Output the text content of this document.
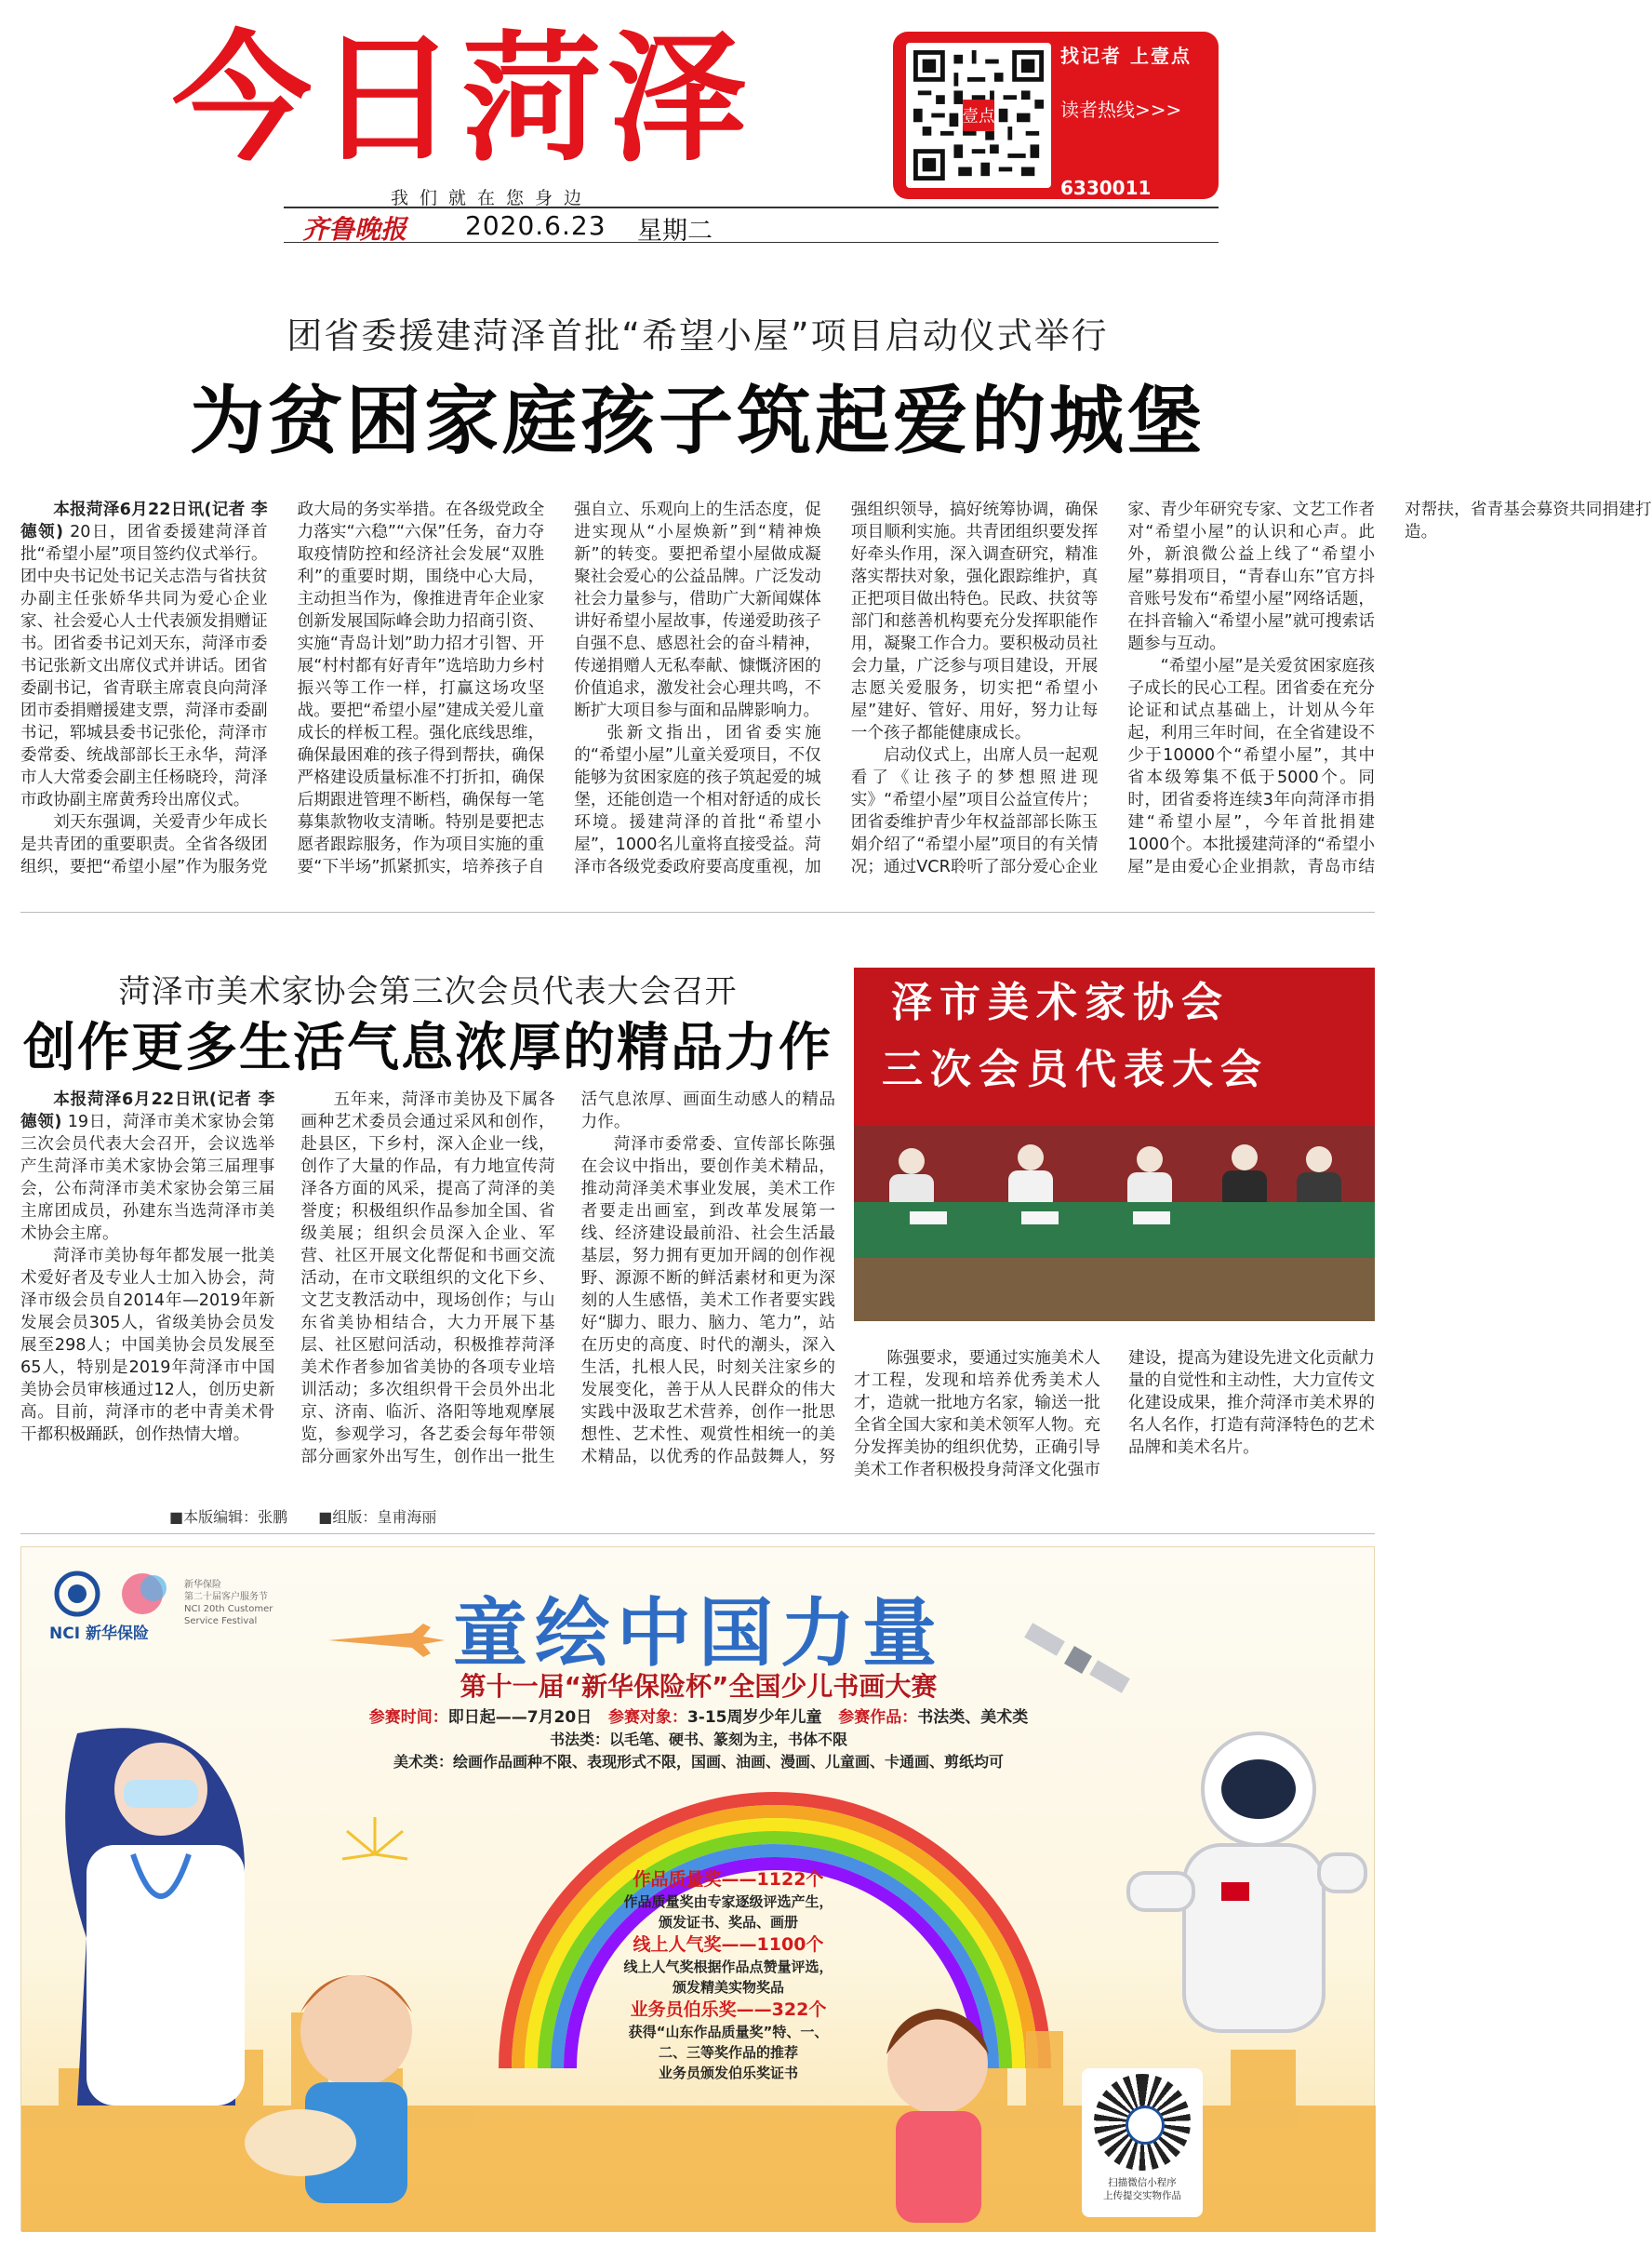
今日菏泽	壹点
找记者 上壹点
读者热线>>>
6330011
我们就在您身边
齐鲁晚报 2020.6.23 星期二
团省委援建菏泽首批“希望小屋”项目启动仪式举行
为贫困家庭孩子筑起爱的城堡

本报菏泽6月22日讯(记者 李德领) 20日，团省委援建菏泽首批“希望小屋”项目签约仪式举行。团中央书记处书记关志浩与省扶贫办副主任张娇华共同为爱心企业家、社会爱心人士代表颁发捐赠证书。团省委书记刘天东，菏泽市委书记张新文出席仪式并讲话。团省委副书记，省青联主席袁良向菏泽团市委捐赠援建支票，菏泽市委副书记，郓城县委书记张伦，菏泽市委常委、统战部部长王永华，菏泽市人大常委会副主任杨晓玲，菏泽市政协副主席黄秀玲出席仪式。

刘天东强调，关爱青少年成长是共青团的重要职责。全省各级团组织，要把“希望小屋”作为服务党政大局的务实举措。在各级党政全力落实“六稳”“六保”任务，奋力夺取疫情防控和经济社会发展“双胜利”的重要时期，围绕中心大局，主动担当作为，像推进青年企业家创新发展国际峰会助力招商引资、实施“青岛计划”助力招才引智、开展“村村都有好青年”选培助力乡村振兴等工作一样，打赢这场攻坚战。要把“希望小屋”建成关爱儿童成长的样板工程。强化底线思维，确保最困难的孩子得到帮扶，确保严格建设质量标准不打折扣，确保后期跟进管理不断档，确保每一笔募集款物收支清晰。特别是要把志愿者跟踪服务，作为项目实施的重要“下半场”抓紧抓实，培养孩子自强自立、乐观向上的生活态度，促进实现从“小屋焕新”到“精神焕新”的转变。要把希望小屋做成凝聚社会爱心的公益品牌。广泛发动社会力量参与，借助广大新闻媒体讲好希望小屋故事，传递爱助孩子自强不息、感恩社会的奋斗精神，传递捐赠人无私奉献、慷慨济困的价值追求，激发社会心理共鸣，不断扩大项目参与面和品牌影响力。

张新文指出，团省委实施的“希望小屋”儿童关爱项目，不仅能够为贫困家庭的孩子筑起爱的城堡，还能创造一个相对舒适的成长环境。援建菏泽的首批“希望小屋”，1000名儿童将直接受益。菏泽市各级党委政府要高度重视，加强组织领导，搞好统筹协调，确保项目顺利实施。共青团组织要发挥好牵头作用，深入调查研究，精准落实帮扶对象，强化跟踪维护，真正把项目做出特色。民政、扶贫等部门和慈善机构要充分发挥职能作用，凝聚工作合力。要积极动员社会力量，广泛参与项目建设，开展志愿关爱服务，切实把“希望小屋”建好、管好、用好，努力让每一个孩子都能健康成长。

启动仪式上，出席人员一起观看了《让孩子的梦想照进现实》“希望小屋”项目公益宣传片；团省委维护青少年权益部部长陈玉娟介绍了“希望小屋”项目的有关情况；通过VCR聆听了部分爱心企业家、青少年研究专家、文艺工作者对“希望小屋”的认识和心声。此外，新浪微公益上线了“希望小屋”募捐项目，“青春山东”官方抖音账号发布“希望小屋”网络话题，在抖音输入“希望小屋”就可搜索话题参与互动。

“希望小屋”是关爱贫困家庭孩子成长的民心工程。团省委在充分论证和试点基础上，计划从今年起，利用三年时间，在全省建设不少于10000个“希望小屋”，其中省本级筹集不低于5000个。同时，团省委将连续3年向菏泽市捐建“希望小屋”，今年首批捐建1000个。本批援建菏泽的“希望小屋”是由爱心企业捐款，青岛市结对帮扶，省青基会募资共同捐建打造。

菏泽市美术家协会第三次会员代表大会召开
创作更多生活气息浓厚的精品力作

本报菏泽6月22日讯(记者 李德领) 19日，菏泽市美术家协会第三次会员代表大会召开，会议选举产生菏泽市美术家协会第三届理事会，公布菏泽市美术家协会第三届主席团成员，孙建东当选菏泽市美术协会主席。

菏泽市美协每年都发展一批美术爱好者及专业人士加入协会，菏泽市级会员自2014年—2019年新发展会员305人，省级美协会员发展至298人；中国美协会员发展至65人，特别是2019年菏泽市中国美协会员审核通过12人，创历史新高。目前，菏泽市的老中青美术骨干都积极踊跃，创作热情大增。

五年来，菏泽市美协及下属各画种艺术委员会通过采风和创作，赴县区，下乡村，深入企业一线，创作了大量的作品，有力地宣传菏泽各方面的风采，提高了菏泽的美誉度；积极组织作品参加全国、省级美展；组织会员深入企业、军营、社区开展文化帮促和书画交流活动，在市文联组织的文化下乡、文艺支教活动中，现场创作；与山东省美协相结合，大力开展下基层、社区慰问活动，积极推荐菏泽美术作者参加省美协的各项专业培训活动；多次组织骨干会员外出北京、济南、临沂、洛阳等地观摩展览，参观学习，各艺委会每年带领部分画家外出写生，创作出一批生活气息浓厚、画面生动感人的精品力作。

菏泽市委常委、宣传部长陈强在会议中指出，要创作美术精品，推动菏泽美术事业发展，美术工作者要走出画室，到改革发展第一线、经济建设最前沿、社会生活最基层，努力拥有更加开阔的创作视野、源源不断的鲜活素材和更为深刻的人生感悟，美术工作者要实践好“脚力、眼力、脑力、笔力”，站在历史的高度、时代的潮头，深入生活，扎根人民，时刻关注家乡的发展变化，善于从人民群众的伟大实践中汲取艺术营养，创作一批思想性、艺术性、观赏性相统一的美术精品，以优秀的作品鼓舞人，努

泽市美术家协会
三次会员代表大会

陈强要求，要通过实施美术人才工程，发现和培养优秀美术人才，造就一批地方名家，输送一批全省全国大家和美术领军人物。充分发挥美协的组织优势，正确引导美术工作者积极投身菏泽文化强市建设，提高为建设先进文化贡献力量的自觉性和主动性，大力宣传文化建设成果，推介菏泽市美术界的名人名作，打造有菏泽特色的艺术品牌和美术名片。

■本版编辑：张鹏 ■组版：皇甫海丽
NCI 新华保险
新华保险
第二十届客户服务节
NCI 20th Customer Service Festival	童绘中国力量
第十一届“新华保险杯”全国少儿书画大赛
参赛时间：即日起——7月20日 参赛对象：3-15周岁少年儿童 参赛作品：书法类、美术类
书法类：以毛笔、硬书、篆刻为主，书体不限
美术类：绘画作品画种不限、表现形式不限，国画、油画、漫画、儿童画、卡通画、剪纸均可
作品质量奖——1122个
作品质量奖由专家逐级评选产生，
颁发证书、奖品、画册
线上人气奖——1100个
线上人气奖根据作品点赞量评选，
颁发精美实物奖品
业务员伯乐奖——322个
获得“山东作品质量奖”特、一、
二、三等奖作品的推荐
业务员颁发伯乐奖证书
扫描微信小程序
上传提交实物作品
